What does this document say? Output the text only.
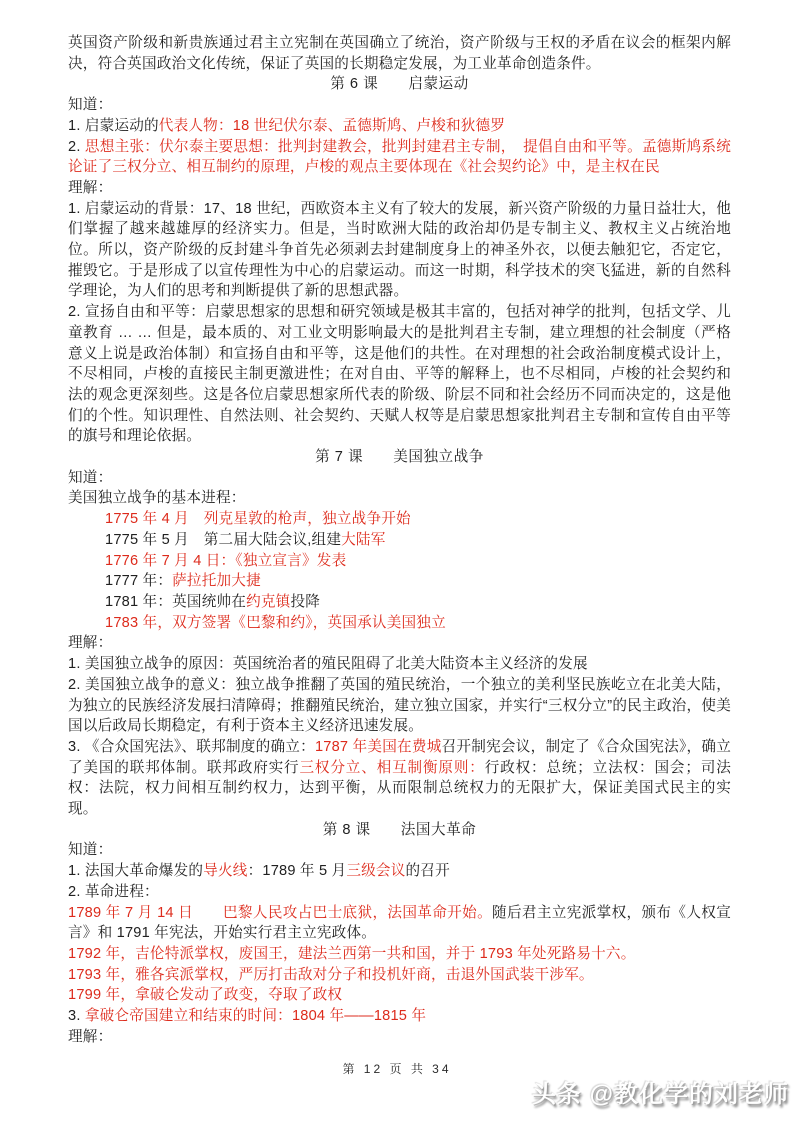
英国资产阶级和新贵族通过君主立宪制在英国确立了统治，资产阶级与王权的矛盾在议会的框架内解决，符合英国政治文化传统，保证了英国的长期稳定发展，为工业革命创造条件。
第 6 课　　启蒙运动
知道：
1. 启蒙运动的代表人物：18 世纪伏尔泰、孟德斯鸠、卢梭和狄德罗
2. 思想主张：伏尔泰主要思想：批判封建教会，批判封建君主专制，　提倡自由和平等。孟德斯鸠系统论证了三权分立、相互制约的原理，卢梭的观点主要体现在《社会契约论》中，是主权在民
理解：
1. 启蒙运动的背景：17、18 世纪，西欧资本主义有了较大的发展，新兴资产阶级的力量日益壮大，他们掌握了越来越雄厚的经济实力。但是，当时欧洲大陆的政治却仍是专制主义、教权主义占统治地位。所以，资产阶级的反封建斗争首先必须剥去封建制度身上的神圣外衣，以便去触犯它，否定它，摧毁它。于是形成了以宣传理性为中心的启蒙运动。而这一时期，科学技术的突飞猛进，新的自然科学理论，为人们的思考和判断提供了新的思想武器。
2. 宣扬自由和平等：启蒙思想家的思想和研究领域是极其丰富的，包括对神学的批判，包括文学、儿童教育 … … 但是，最本质的、对工业文明影响最大的是批判君主专制，建立理想的社会制度（严格意义上说是政治体制）和宣扬自由和平等，这是他们的共性。在对理想的社会政治制度模式设计上，不尽相同，卢梭的直接民主制更激进性；在对自由、平等的解释上，也不尽相同，卢梭的社会契约和法的观念更深刻些。这是各位启蒙思想家所代表的阶级、阶层不同和社会经历不同而决定的，这是他们的个性。知识理性、自然法则、社会契约、天赋人权等是启蒙思想家批判君主专制和宣传自由平等的旗号和理论依据。
第 7 课　　美国独立战争
知道：
美国独立战争的基本进程：
1775 年 4 月　列克星敦的枪声，独立战争开始
1775 年 5 月　第二届大陆会议,组建大陆军
1776 年 7 月 4 日：《独立宣言》发表
1777 年：萨拉托加大捷
1781 年：英国统帅在约克镇投降
1783 年，双方签署《巴黎和约》，英国承认美国独立
理解：
1. 美国独立战争的原因：英国统治者的殖民阻碍了北美大陆资本主义经济的发展
2. 美国独立战争的意义：独立战争推翻了英国的殖民统治，一个独立的美利坚民族屹立在北美大陆，为独立的民族经济发展扫清障碍；推翻殖民统治，建立独立国家，并实行“三权分立”的民主政治，使美国以后政局长期稳定，有利于资本主义经济迅速发展。
3. 《合众国宪法》、联邦制度的确立：1787 年美国在费城召开制宪会议，制定了《合众国宪法》，确立了美国的联邦体制。联邦政府实行三权分立、相互制衡原则：行政权：总统；立法权：国会；司法权：法院，权力间相互制约权力，达到平衡，从而限制总统权力的无限扩大，保证美国式民主的实现。
第 8 课　　法国大革命
知道：
1. 法国大革命爆发的导火线：1789 年 5 月三级会议的召开
2. 革命进程：
1789 年 7 月 14 日　　巴黎人民攻占巴士底狱，法国革命开始。随后君主立宪派掌权，颁布《人权宣言》和 1791 年宪法，开始实行君主立宪政体。
1792 年，吉伦特派掌权，废国王，建法兰西第一共和国，并于 1793 年处死路易十六。
1793 年，雅各宾派掌权，严厉打击敌对分子和投机奸商，击退外国武装干涉军。
1799 年，拿破仑发动了政变，夺取了政权
3. 拿破仑帝国建立和结束的时间：1804 年——1815 年
理解：
第 12 页 共 34
头条 @教化学的刘老师
